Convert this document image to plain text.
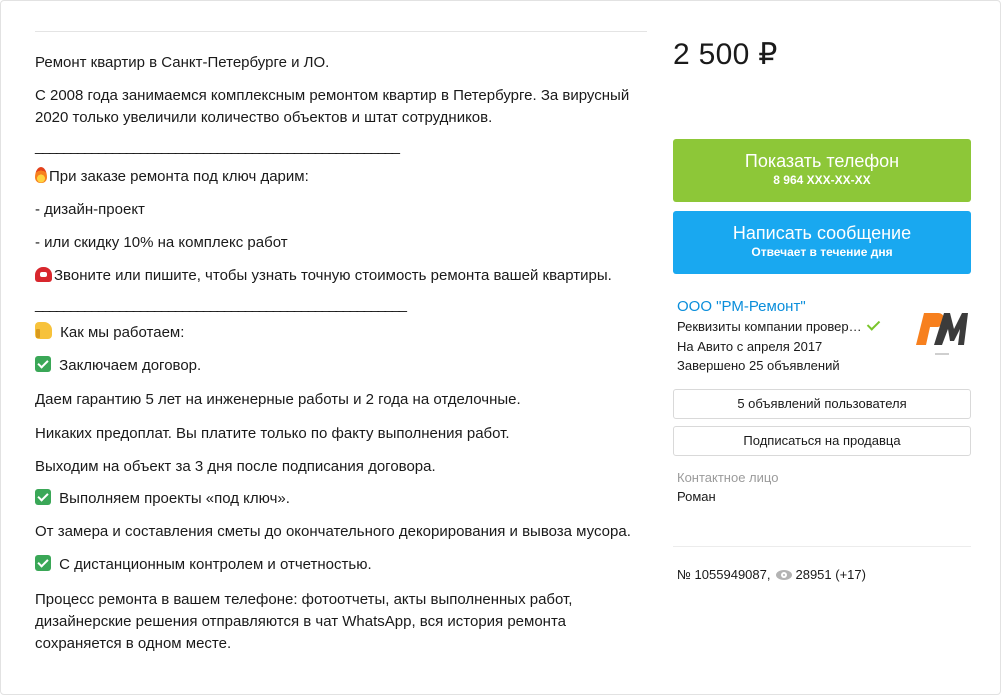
Ремонт квартир в Санкт-Петербурге и ЛО.

С 2008 года занимаемся комплексным ремонтом квартир в Петербурге. За вирусный 2020 только увеличили количество объектов и штат сотрудников.

____________________________________________________

При заказе ремонта под ключ дарим:

- дизайн-проект

- или скидку 10% на комплекс работ

Звоните или пишите, чтобы узнать точную стоимость ремонта вашей квартиры.

_____________________________________________________

Как мы работаем:

Заключаем договор.

Даем гарантию 5 лет на инженерные работы и 2 года на отделочные.

Никаких предоплат. Вы платите только по факту выполнения работ.

Выходим на объект за 3 дня после подписания договора.

Выполняем проекты «под ключ».

От замера и составления сметы до окончательного декорирования и вывоза мусора.

С дистанционным контролем и отчетностью.

Процесс ремонта в вашем телефоне: фотоотчеты, акты выполненных работ, дизайнерские решения отправляются в чат WhatsApp, вся история ремонта сохраняется в одном месте.

2 500 ₽
Показать телефон
8 964 XXX-XX-XX
Написать сообщение
Отвечает в течение дня
ООО "РМ-Ремонт"
Реквизиты компании провер…
На Авито с апреля 2017
Завершено 25 объявлений
5 объявлений пользователя
Подписаться на продавца
Контактное лицо
Роман
№ 1055949087, 28951 (+17)
